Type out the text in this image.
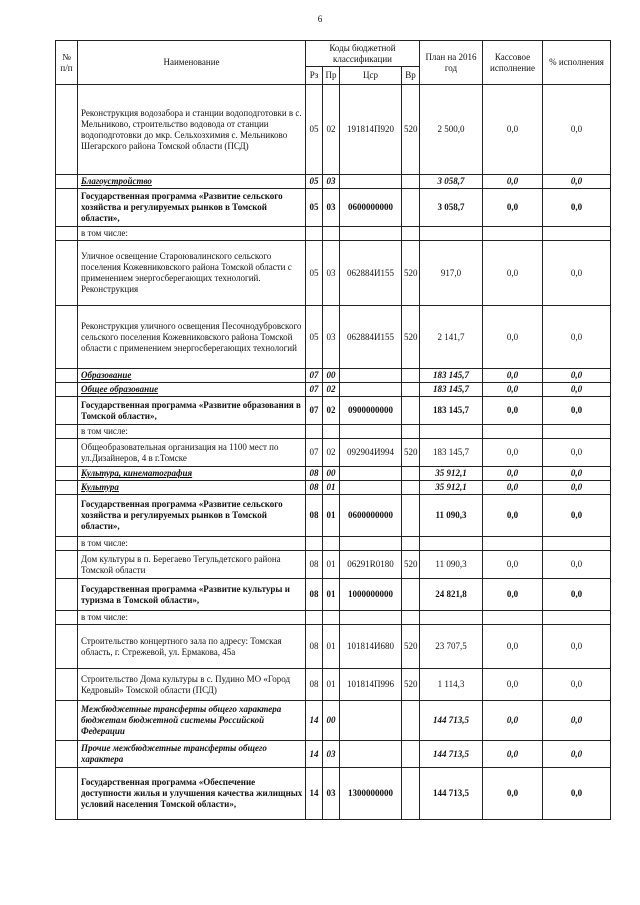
6
№ п/п	Наименование	Коды бюджетной классификации				План на 2016 год	Кассовое исполнение	% исполнения
		Рз	Пр	Цср	Вр			
	Реконструкция водозабора и станции водоподготовки в с. Мельниково, строительство водовода от станции водоподготовки до мкр. Сельхозхимия с. Мельниково Шегарского района Томской области (ПСД)	05	02	191814П920	520	2 500,0	0,0	0,0
	Благоустройство	05	03			3 058,7	0,0	0,0
	Государственная программа «Развитие сельского хозяйства и регулируемых рынков в Томской области»,	05	03	0600000000		3 058,7	0,0	0,0
	в том числе:							
	Уличное освещение Староювалинского сельского поселения Кожевниковского района Томской области с применением энергосберегающих технологий. Реконструкция	05	03	062884И155	520	917,0	0,0	0,0
	Реконструкция уличного освещения Песочнодубровского сельского поселения Кожевниковского района Томской области с применением энергосберегающих технологий	05	03	062884И155	520	2 141,7	0,0	0,0
	Образование	07	00			183 145,7	0,0	0,0
	Общее образование	07	02			183 145,7	0,0	0,0
	Государственная программа «Развитие образования в Томской области»,	07	02	0900000000		183 145,7	0,0	0,0
	в том числе:							
	Общеобразовательная организация на 1100 мест по ул.Дизайнеров, 4 в г.Томске	07	02	092904И994	520	183 145,7	0,0	0,0
	Культура, кинематография	08	00			35 912,1	0,0	0,0
	Культура	08	01			35 912,1	0,0	0,0
	Государственная программа «Развитие сельского хозяйства и регулируемых рынков в Томской области»,	08	01	0600000000		11 090,3	0,0	0,0
	в том числе:							
	Дом культуры в п. Берегаево Тегульдетского района Томской области	08	01	06291R0180	520	11 090,3	0,0	0,0
	Государственная программа «Развитие культуры и туризма в Томской области»,	08	01	1000000000		24 821,8	0,0	0,0
	в том числе:							
	Строительство концертного зала по адресу: Томская область, г. Стрежевой, ул. Ермакова, 45а	08	01	101814И680	520	23 707,5	0,0	0,0
	Строительство Дома культуры в с. Пудино МО «Город Кедровый» Томской области (ПСД)	08	01	101814П996	520	1 114,3	0,0	0,0
	Межбюджетные трансферты общего характера бюджетам бюджетной системы Российской Федерации	14	00			144 713,5	0,0	0,0
	Прочие межбюджетные трансферты общего характера	14	03			144 713,5	0,0	0,0
	Государственная программа «Обеспечение доступности жилья и улучшения качества жилищных условий населения Томской области»,	14	03	1300000000		144 713,5	0,0	0,0
